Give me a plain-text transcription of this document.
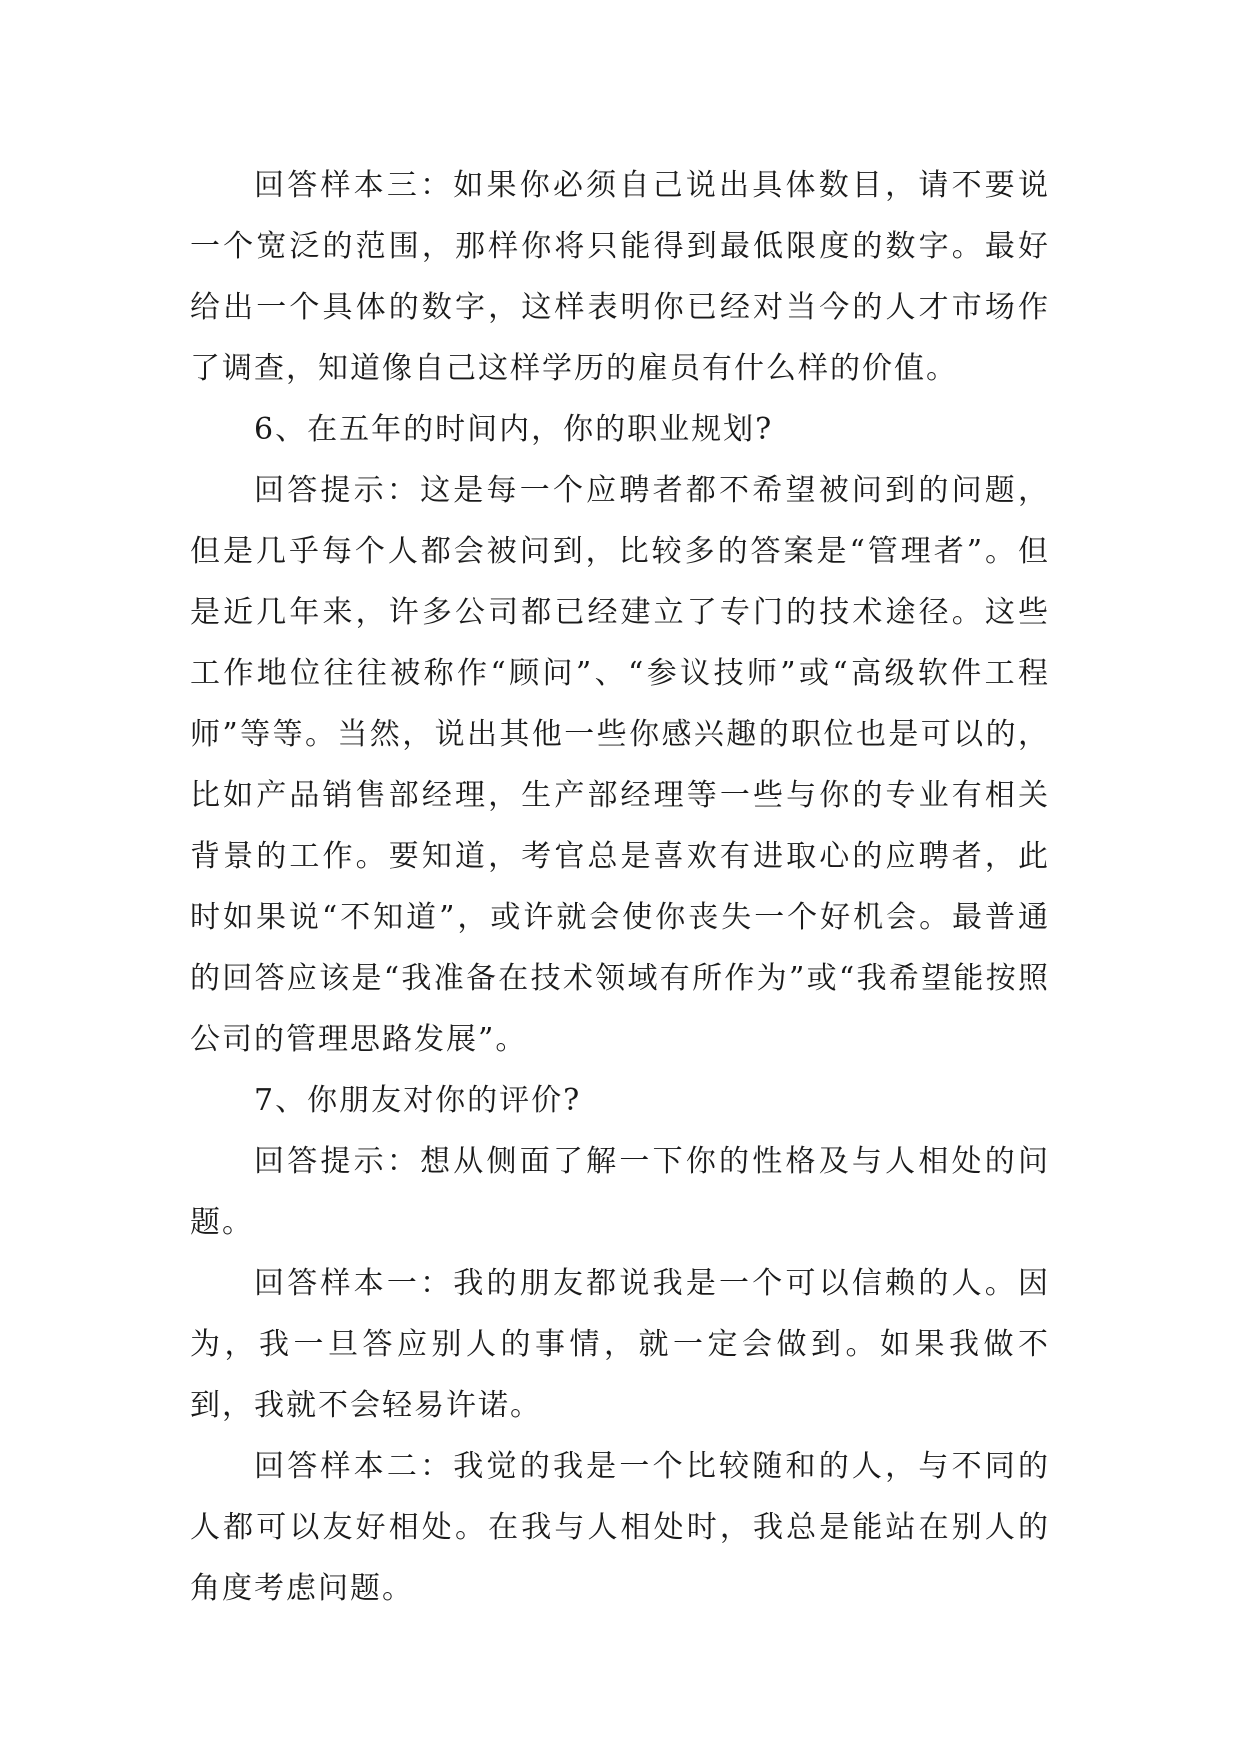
回答样本三：如果你必须自己说出具体数目，请不要说一个宽泛的范围，那样你将只能得到最低限度的数字。最好给出一个具体的数字，这样表明你已经对当今的人才市场作了调查，知道像自己这样学历的雇员有什么样的价值。

6、在五年的时间内，你的职业规划?

回答提示：这是每一个应聘者都不希望被问到的问题，但是几乎每个人都会被问到，比较多的答案是“管理者”。但是近几年来，许多公司都已经建立了专门的技术途径。这些工作地位往往被称作“顾问”、“参议技师”或“高级软件工程师”等等。当然，说出其他一些你感兴趣的职位也是可以的，比如产品销售部经理，生产部经理等一些与你的专业有相关背景的工作。要知道，考官总是喜欢有进取心的应聘者，此时如果说“不知道”，或许就会使你丧失一个好机会。最普通的回答应该是“我准备在技术领域有所作为”或“我希望能按照公司的管理思路发展”。

7、你朋友对你的评价?

回答提示：想从侧面了解一下你的性格及与人相处的问题。

回答样本一：我的朋友都说我是一个可以信赖的人。因为，我一旦答应别人的事情，就一定会做到。如果我做不到，我就不会轻易许诺。

回答样本二：我觉的我是一个比较随和的人，与不同的人都可以友好相处。在我与人相处时，我总是能站在别人的角度考虑问题。
